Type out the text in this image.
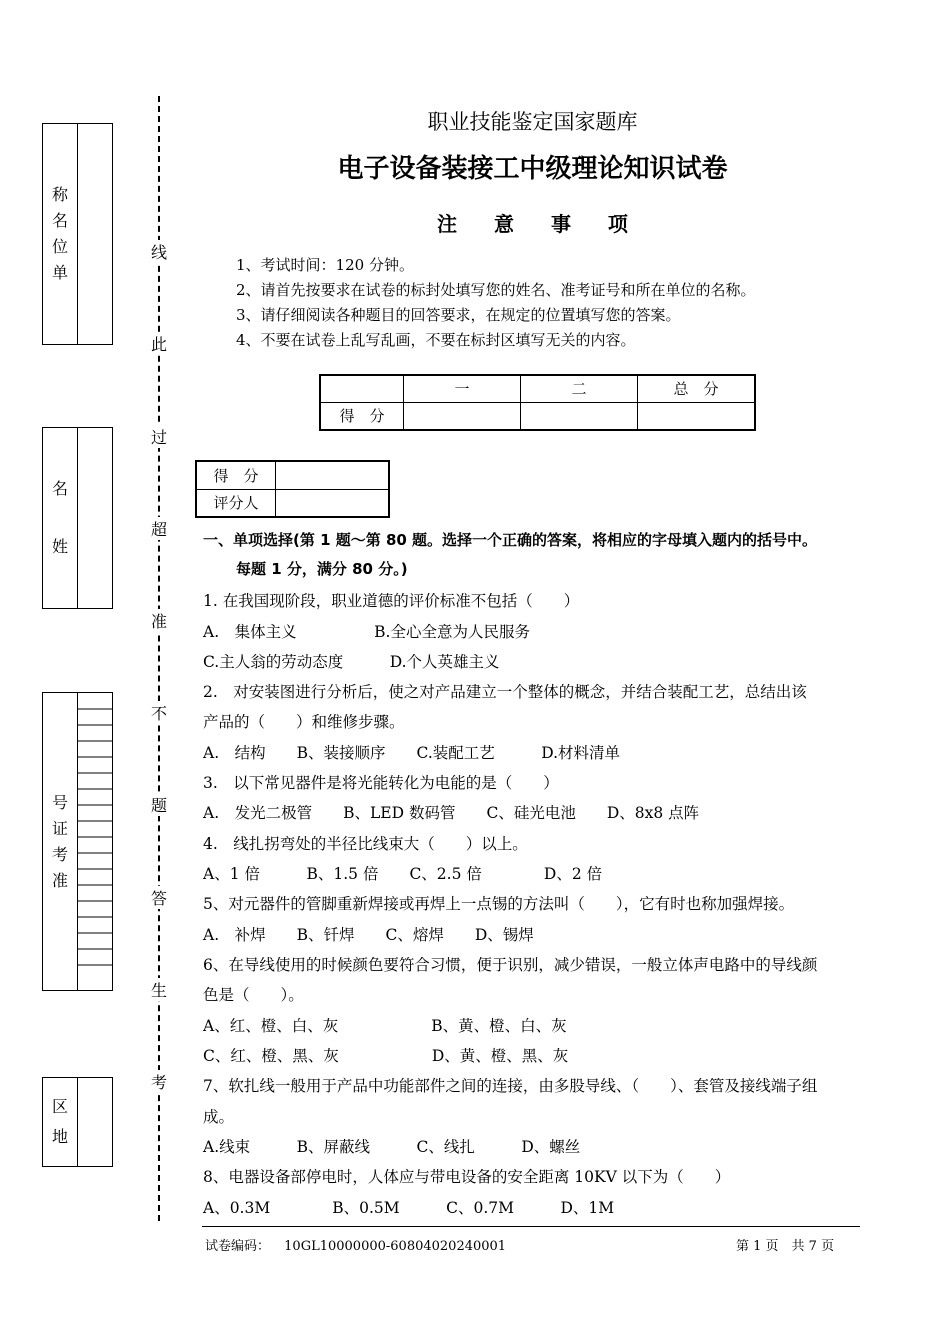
称
名
位
单
名
姓
号
证
考
准
区
地
线
此
过
超
准
不
题
答
生
考
职业技能鉴定国家题库
电子设备装接工中级理论知识试卷
注 意 事 项
1、考试时间：120 分钟。
2、请首先按要求在试卷的标封处填写您的姓名、准考证号和所在单位的名称。
3、请仔细阅读各种题目的回答要求，在规定的位置填写您的答案。
4、不要在试卷上乱写乱画，不要在标封区填写无关的内容。
	一	二	总　分
得　分			
得　分	
评分人	
一、单项选择(第 1 题～第 80 题。选择一个正确的答案，将相应的字母填入题内的括号中。
每题 1 分，满分 80 分。)
1. 在我国现阶段，职业道德的评价标准不包括（　　）
A.　集体主义　　　　　B.全心全意为人民服务
C.主人翁的劳动态度　　　D.个人英雄主义
2.　对安装图进行分析后，使之对产品建立一个整体的概念，并结合装配工艺，总结出该
产品的（　　）和维修步骤。
A.　结构　　B、装接顺序　　C.装配工艺　　　D.材料清单
3.　以下常见器件是将光能转化为电能的是（　　）
A.　发光二极管　　B、LED 数码管　　C、硅光电池　　D、8x8 点阵
4.　线扎拐弯处的半径比线束大（　　）以上。
A、1 倍　　　B、1.5 倍　　C、2.5 倍　　　　D、2 倍
5、对元器件的管脚重新焊接或再焊上一点锡的方法叫（　　），它有时也称加强焊接。
A.　补焊　　B、钎焊　　C、熔焊　　D、锡焊
6、在导线使用的时候颜色要符合习惯，便于识别，减少错误，一般立体声电路中的导线颜
色是（　　）。
A、红、橙、白、灰　　　　　　B、黄、橙、白、灰
C、红、橙、黑、灰　　　　　　D、黄、橙、黑、灰
7、软扎线一般用于产品中功能部件之间的连接，由多股导线、（　　）、套管及接线端子组
成。
A.线束　　　B、屏蔽线　　　C、线扎　　　D、螺丝
8、电器设备部停电时，人体应与带电设备的安全距离 10KV 以下为（　　）
A、0.3M　　　　B、0.5M　　　C、0.7M　　　D、1M
试卷编码： 10GL10000000-60804020240001	第 1 页　共 7 页
